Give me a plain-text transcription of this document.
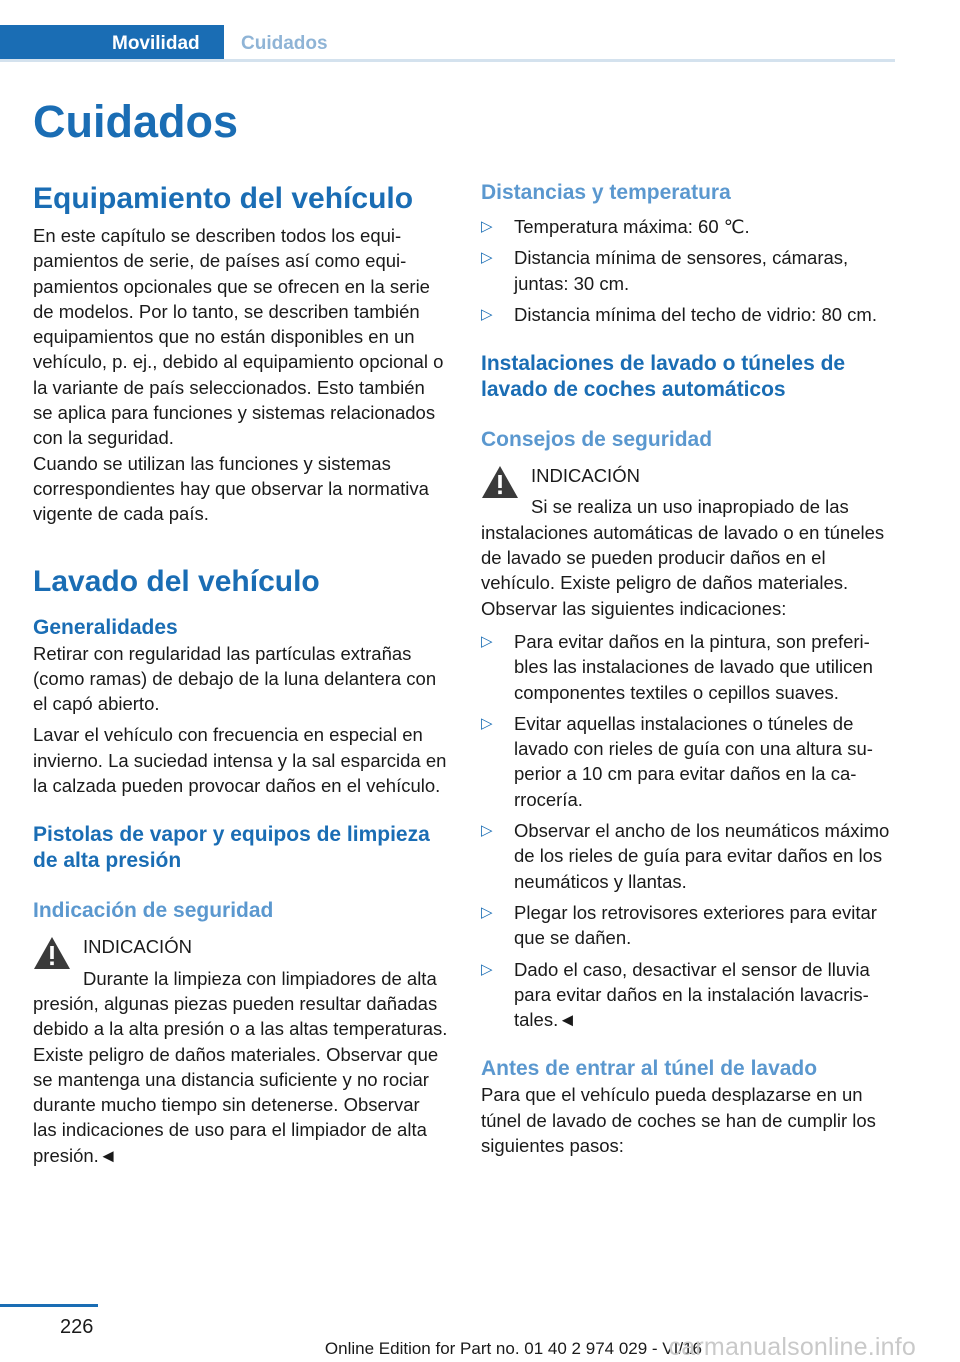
Movilidad	Cuidados
Cuidados
Equipamiento del vehículo

En este capítulo se describen todos los equipamientos de serie, de países así como equipamientos opcionales que se ofrecen en la serie de modelos. Por lo tanto, se describen también equipamientos que no están disponibles en un vehículo, p. ej., debido al equipamiento opcional o la variante de país seleccionados. Esto también se aplica para funciones y sistemas relacionados con la seguridad.

Cuando se utilizan las funciones y sistemas correspondientes hay que observar la normativa vigente de cada país.

Lavado del vehículo
Generalidades

Retirar con regularidad las partículas extrañas (como ramas) de debajo de la luna delantera con el capó abierto.

Lavar el vehículo con frecuencia en especial en invierno. La suciedad intensa y la sal esparcida en la calzada pueden provocar daños en el vehículo.

Pistolas de vapor y equipos de limpieza de alta presión
Indicación de seguridad
INDICACIÓN
Durante la limpieza con limpiadores de alta presión, algunas piezas pueden resultar dañadas debido a la alta presión o a las altas temperaturas. Existe peligro de daños materiales. Observar que se mantenga una distancia suficiente y no rociar durante mucho tiempo sin detenerse. Observar las indicaciones de uso para el limpiador de alta presión.◄
Distancias y temperatura
▷ Temperatura máxima: 60 ℃.
▷ Distancia mínima de sensores, cámaras, juntas: 30 cm.
▷ Distancia mínima del techo de vidrio: 80 cm.
Instalaciones de lavado o túneles de lavado de coches automáticos
Consejos de seguridad
INDICACIÓN
Si se realiza un uso inapropiado de las instalaciones automáticas de lavado o en túneles de lavado se pueden producir daños en el vehículo. Existe peligro de daños materiales. Observar las siguientes indicaciones:
▷ Para evitar daños en la pintura, son preferibles las instalaciones de lavado que utilicen componentes textiles o cepillos suaves.
▷ Evitar aquellas instalaciones o túneles de lavado con rieles de guía con una altura superior a 10 cm para evitar daños en la carrocería.
▷ Observar el ancho de los neumáticos máximo de los rieles de guía para evitar daños en los neumáticos y llantas.
▷ Plegar los retrovisores exteriores para evitar que se dañen.
▷ Dado el caso, desactivar el sensor de lluvia para evitar daños en la instalación lavacristales.◄
Antes de entrar al túnel de lavado

Para que el vehículo pueda desplazarse en un túnel de lavado de coches se han de cumplir los siguientes pasos:

226
Online Edition for Part no. 01 40 2 974 029 - VI/16
carmanualsonline.info
